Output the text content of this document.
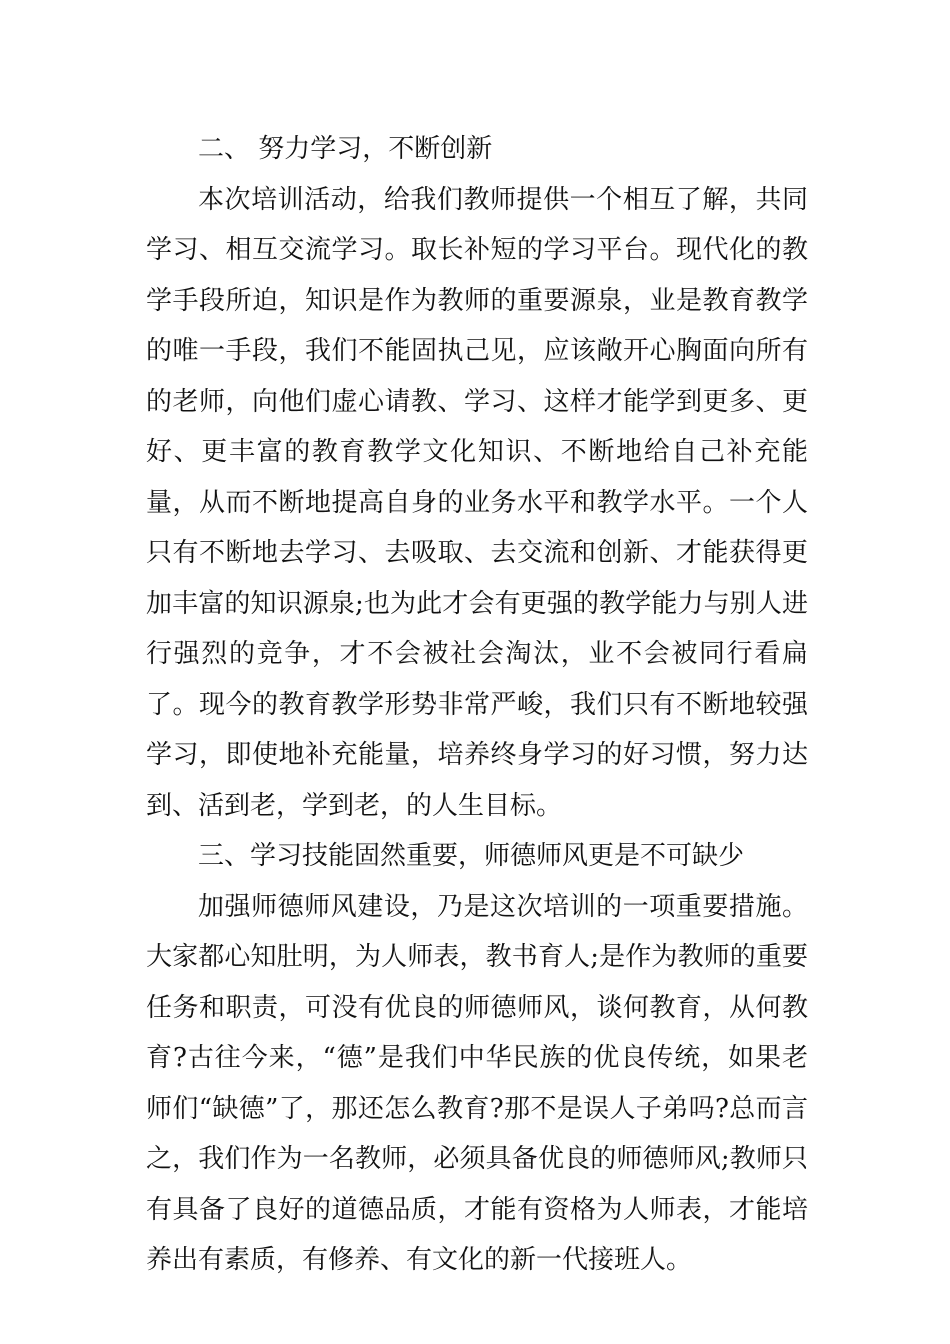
二、 努力学习，不断创新

本次培训活动，给我们教师提供一个相互了解，共同学习、相互交流学习。取长补短的学习平台。现代化的教学手段所迫，知识是作为教师的重要源泉，业是教育教学的唯一手段，我们不能固执己见，应该敞开心胸面向所有的老师，向他们虚心请教、学习、这样才能学到更多、更好、更丰富的教育教学文化知识、不断地给自己补充能量，从而不断地提高自身的业务水平和教学水平。一个人只有不断地去学习、去吸取、去交流和创新、才能获得更加丰富的知识源泉;也为此才会有更强的教学能力与别人进行强烈的竞争，才不会被社会淘汰，业不会被同行看扁了。现今的教育教学形势非常严峻，我们只有不断地较强学习，即使地补充能量，培养终身学习的好习惯，努力达到、活到老，学到老，的人生目标。

三、学习技能固然重要，师德师风更是不可缺少

加强师德师风建设，乃是这次培训的一项重要措施。大家都心知肚明，为人师表，教书育人;是作为教师的重要任务和职责，可没有优良的师德师风，谈何教育，从何教育?古往今来，“德”是我们中华民族的优良传统，如果老师们“缺德”了，那还怎么教育?那不是误人子弟吗?总而言之，我们作为一名教师，必须具备优良的师德师风;教师只有具备了良好的道德品质，才能有资格为人师表，才能培养出有素质，有修养、有文化的新一代接班人。
